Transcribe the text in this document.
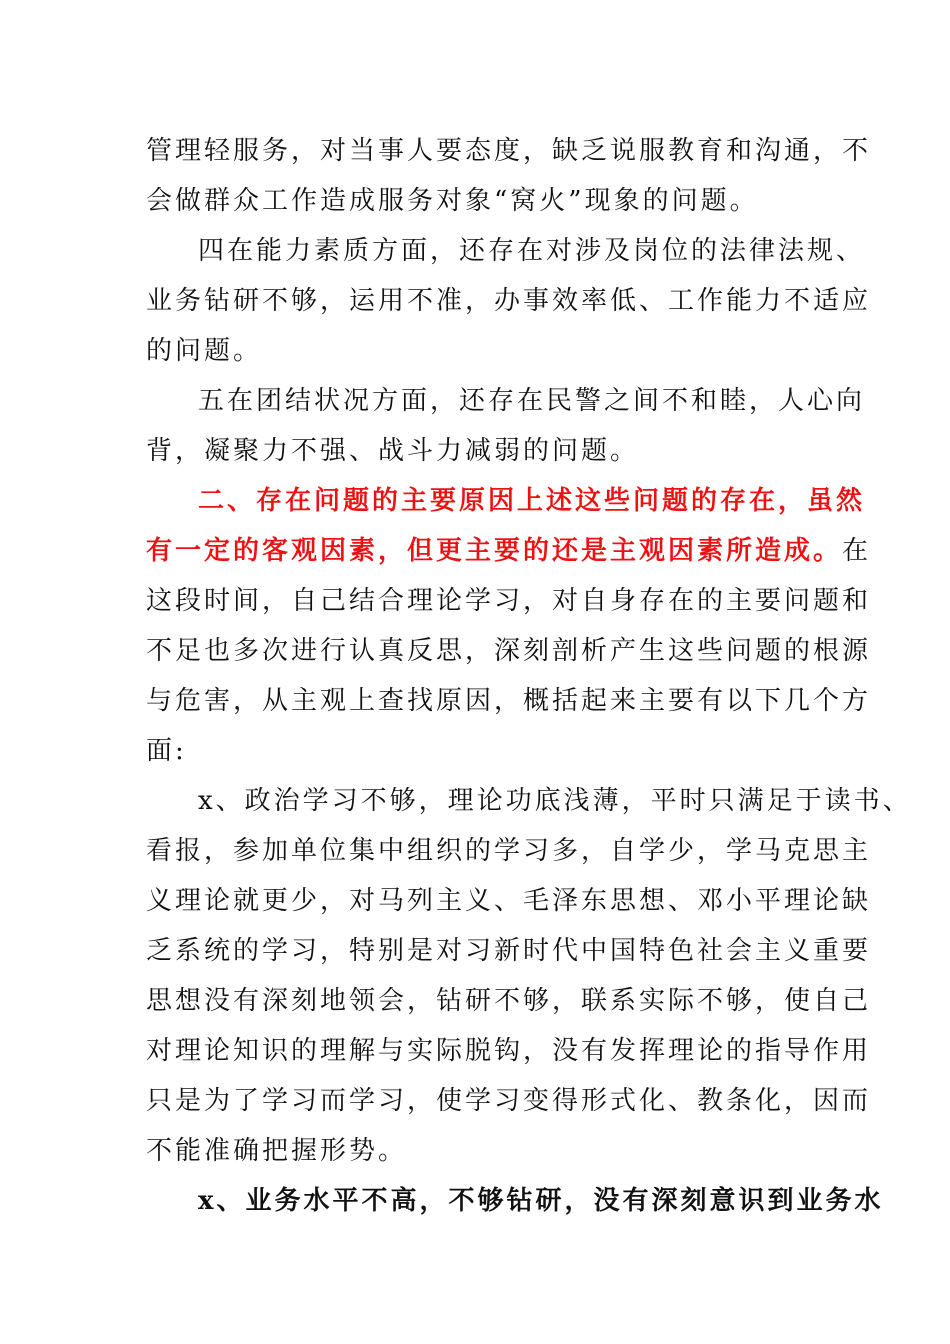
管理轻服务，对当事人要态度，缺乏说服教育和沟通，不

会做群众工作造成服务对象“窝火”现象的问题。

四在能力素质方面，还存在对涉及岗位的法律法规、

业务钻研不够，运用不准，办事效率低、工作能力不适应

的问题。

五在团结状况方面，还存在民警之间不和睦，人心向

背，凝聚力不强、战斗力减弱的问题。

二、存在问题的主要原因上述这些问题的存在，虽然

有一定的客观因素，但更主要的还是主观因素所造成。在

这段时间，自己结合理论学习，对自身存在的主要问题和

不足也多次进行认真反思，深刻剖析产生这些问题的根源

与危害，从主观上查找原因，概括起来主要有以下几个方

面:

x、政治学习不够，理论功底浅薄，平时只满足于读书、

看报，参加单位集中组织的学习多，自学少，学马克思主

义理论就更少，对马列主义、毛泽东思想、邓小平理论缺

乏系统的学习，特别是对习新时代中国特色社会主义重要

思想没有深刻地领会，钻研不够，联系实际不够，使自己

对理论知识的理解与实际脱钩，没有发挥理论的指导作用

只是为了学习而学习，使学习变得形式化、教条化，因而

不能准确把握形势。

x、业务水平不高，不够钻研，没有深刻意识到业务水
